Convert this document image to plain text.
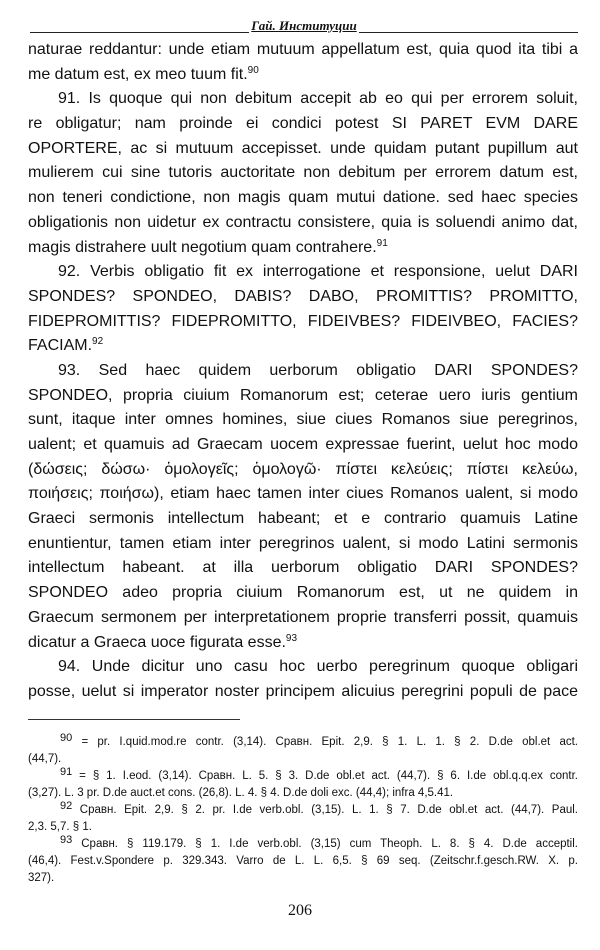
Гай. Институции
naturae reddantur: unde etiam mutuum appellatum est, quia quod ita tibi a
me datum est, ex meo tuum fit.$^{90}$
91. Is quoque qui non debitum accepit ab eo qui per errorem soluit,
re obligatur; nam proinde ei condici potest SI PARET EVM DARE
OPORTERE, ac si mutuum accepisset. unde quidam putant pupillum aut
mulierem cui sine tutoris auctoritate non debitum per errorem datum est,
non teneri condictione, non magis quam mutui datione. sed haec species
obligationis non uidetur ex contractu consistere, quia is soluendi animo dat,
magis distrahere uult negotium quam contrahere.$^{91}$
92. Verbis obligatio fit ex interrogatione et responsione, uelut DARI
SPONDES? SPONDEO, DABIS? DABO, PROMITTIS? PROMITTO,
FIDEPROMITTIS? FIDEPROMITTO, FIDEIVBES? FIDEIVBEO, FACIES?
FACIAM.$^{92}$
93. Sed haec quidem uerborum obligatio DARI SPONDES?
SPONDEO, propria ciuium Romanorum est; ceterae uero iuris gentium
sunt, itaque inter omnes homines, siue ciues Romanos siue peregrinos,
ualent; et quamuis ad Graecam uocem expressae fuerint, uelut hoc modo
(δώσεις; δώσω· ὁμολογεῖς; ὁμολογῶ· πίστει κελεύεις; πίστει κελεύω,
ποιήσεις; ποιήσω), etiam haec tamen inter ciues Romanos ualent, si modo
Graeci sermonis intellectum habeant; et e contrario quamuis Latine
enuntientur, tamen etiam inter peregrinos ualent, si modo Latini sermonis
intellectum habeant. at illa uerborum obligatio DARI SPONDES?
SPONDEO adeo propria ciuium Romanorum est, ut ne quidem in
Graecum sermonem per interpretationem proprie transferri possit, quamuis
dicatur a Graeca uoce figurata esse.$^{93}$
94. Unde dicitur uno casu hoc uerbo peregrinum quoque obligari
posse, uelut si imperator noster principem alicuius peregrini populi de pace
$^{90}$ = pr. I.quid.mod.re contr. (3,14). Сравн. Epit. 2,9. § 1. L. 1. § 2. D.de obl.et act.
(44,7).
$^{91}$ = § 1. I.eod. (3,14). Сравн. L. 5. § 3. D.de obl.et act. (44,7). § 6. I.de obl.q.q.ex contr.
(3,27). L. 3 pr. D.de auct.et cons. (26,8). L. 4. § 4. D.de doli exc. (44,4); infra 4,5.41.
$^{92}$ Сравн. Epit. 2,9. § 2. pr. I.de verb.obl. (3,15). L. 1. § 7. D.de obl.et act. (44,7). Paul.
2,3. 5,7. § 1.
$^{93}$ Сравн. § 119.179. § 1. I.de verb.obl. (3,15) cum Theoph. L. 8. § 4. D.de acceptil.
(46,4). Fest.v.Spondere p. 329.343. Varro de L. L. 6,5. § 69 seq. (Zeitschr.f.gesch.RW. X. p.
327).
206
